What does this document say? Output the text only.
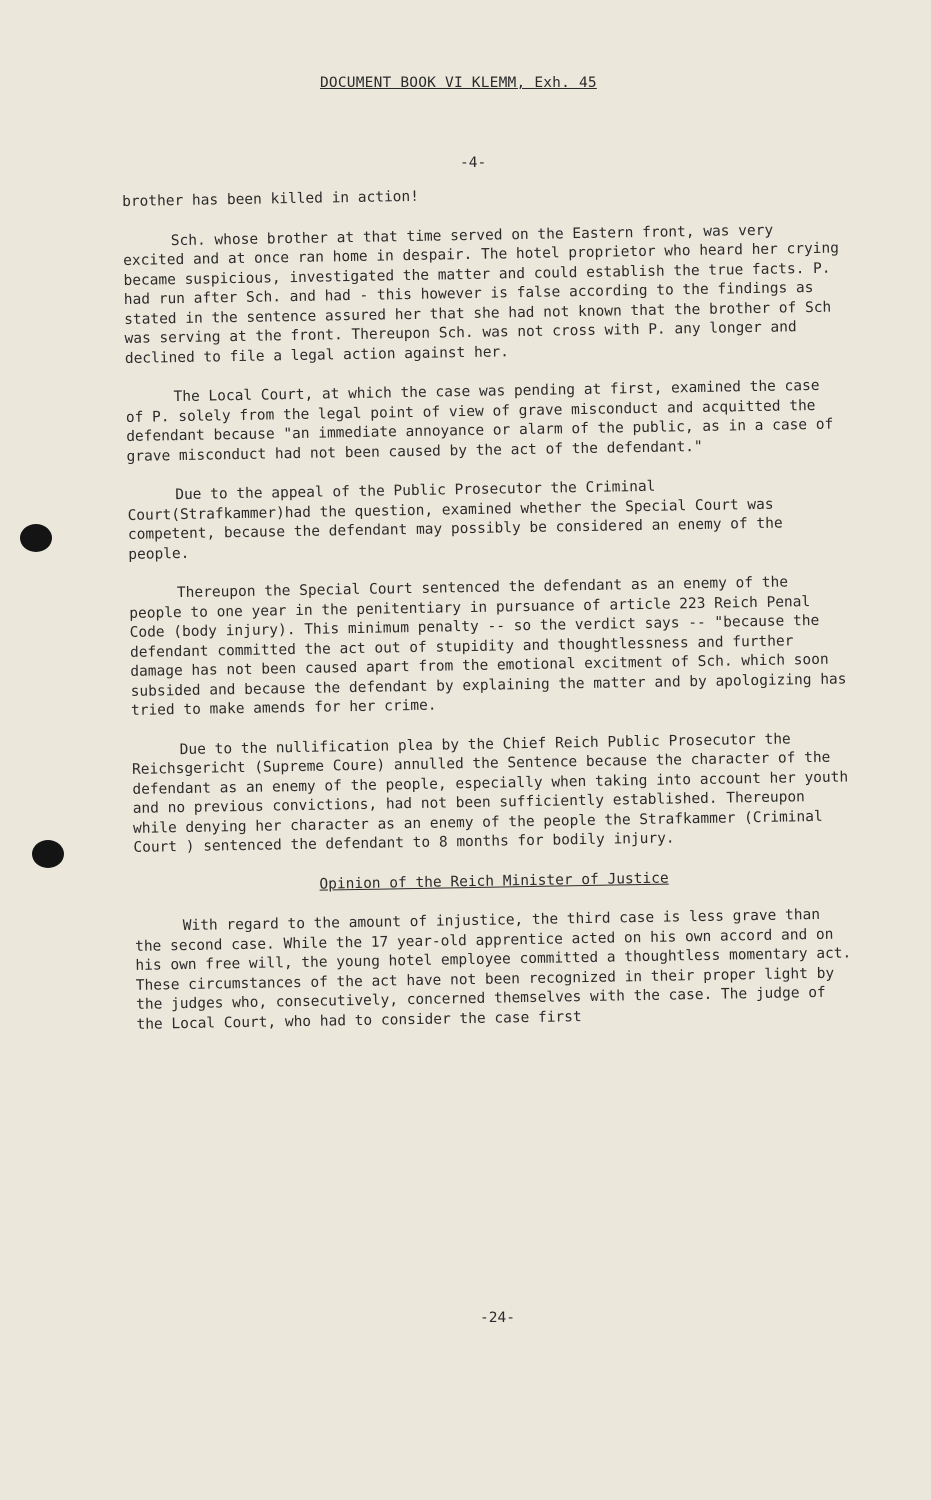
DOCUMENT BOOK VI KLEMM, Exh. 45
-4-

brother has been killed in action!

Sch. whose brother at that time served on the Eastern front, was very excited and at once ran home in despair. The hotel proprietor who heard her crying became suspicious, investigated the matter and could establish the true facts. P. had run after Sch. and had - this however is false according to the findings as stated in the sentence assured her that she had not known that the brother of Sch was serving at the front. Thereupon Sch. was not cross with P. any longer and declined to file a legal action against her.

The Local Court, at which the case was pending at first, examined the case of P. solely from the legal point of view of grave misconduct and acquitted the defendant because "an immediate annoyance or alarm of the public, as in a case of grave misconduct had not been caused by the act of the defendant."

Due to the appeal of the Public Prosecutor the Criminal Court(Strafkammer)had the question, examined whether the Special Court was competent, because the defendant may possibly be considered an enemy of the people.

Thereupon the Special Court sentenced the defendant as an enemy of the people to one year in the penitentiary in pursuance of article 223 Reich Penal Code (body injury). This minimum penalty -- so the verdict says -- "because the defendant committed the act out of stupidity and thoughtlessness and further damage has not been caused apart from the emotional excitment of Sch. which soon subsided and because the defendant by explaining the matter and by apologizing has tried to make amends for her crime.

Due to the nullification plea by the Chief Reich Public Prosecutor the Reichsgericht (Supreme Coure) annulled the Sentence because the character of the defendant as an enemy of the people, especially when taking into account her youth and no previous convictions, had not been sufficiently established. Thereupon while denying her character as an enemy of the people the Strafkammer (Criminal Court ) sentenced the defendant to 8 months for bodily injury.

Opinion of the Reich Minister of Justice

With regard to the amount of injustice, the third case is less grave than the second case. While the 17 year-old apprentice acted on his own accord and on his own free will, the young hotel employee committed a thoughtless momentary act. These circumstances of the act have not been recognized in their proper light by the judges who, consecutively, concerned themselves with the case. The judge of the Local Court, who had to consider the case first

-24-
